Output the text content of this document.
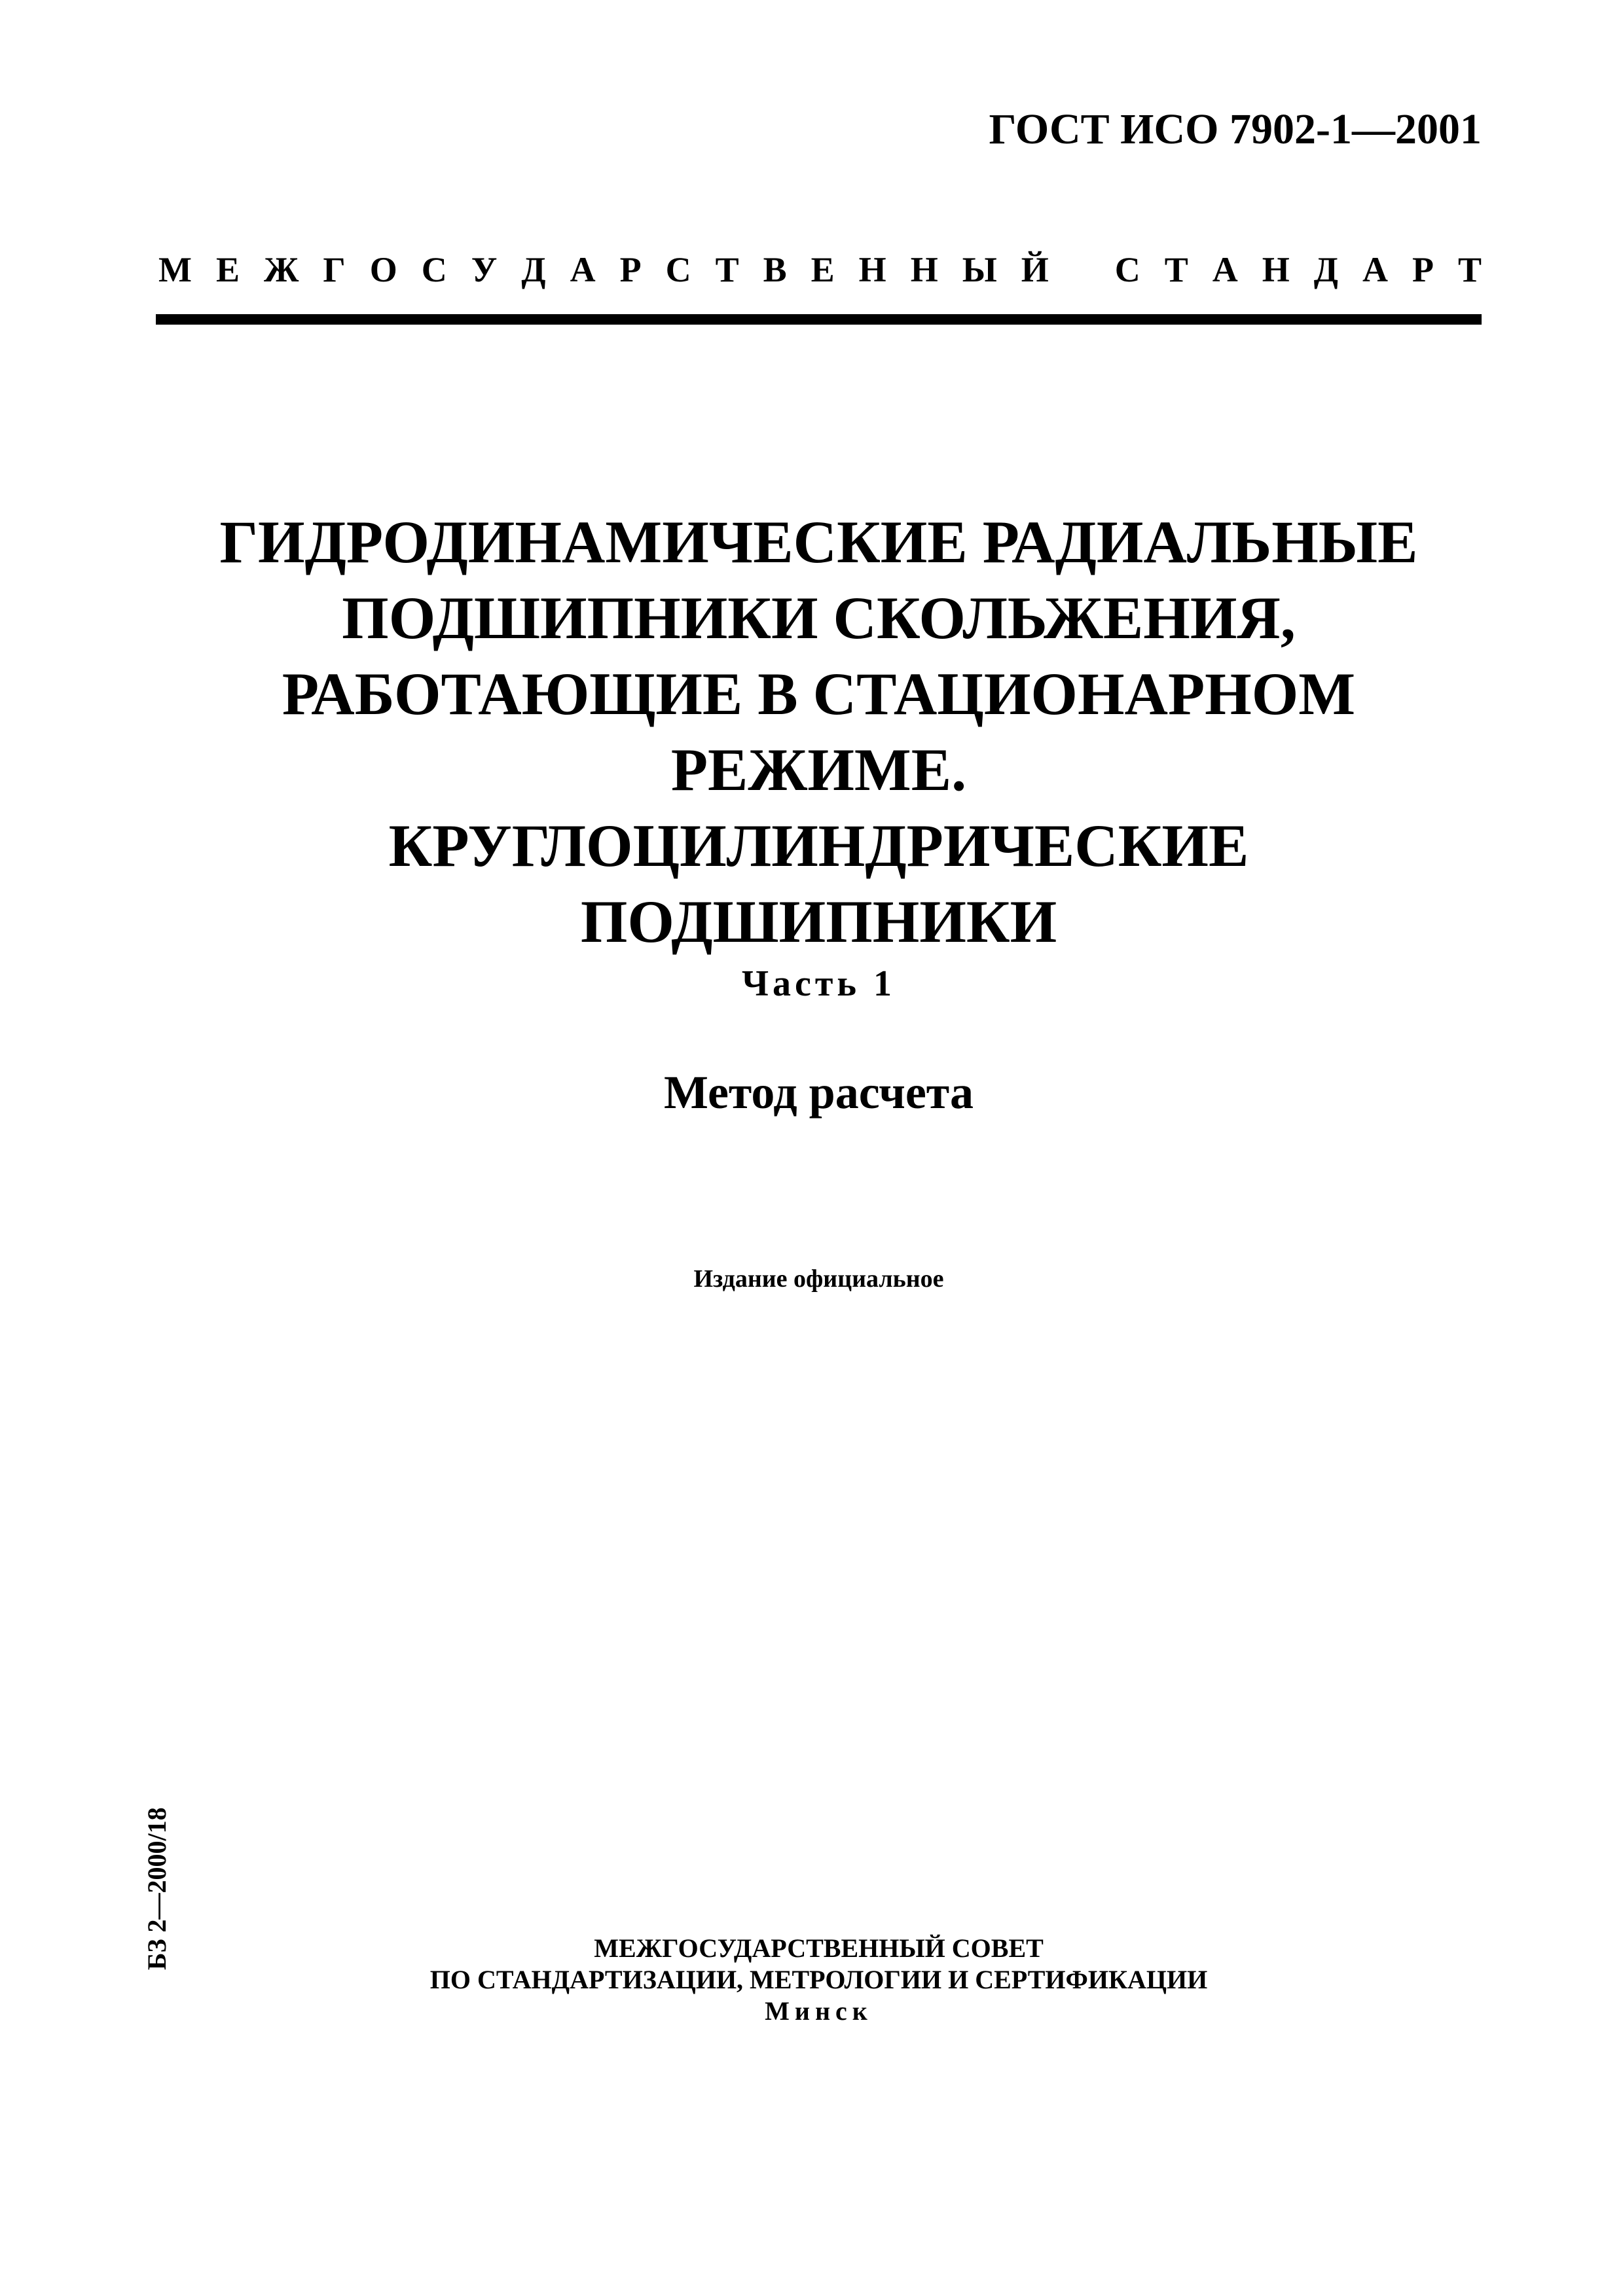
ГОСТ ИСО 7902-1—2001
М Е Ж Г О С У Д А Р С Т В Е Н Н Ы Й
С Т А Н Д А Р Т
ГИДРОДИНАМИЧЕСКИЕ РАДИАЛЬНЫЕ
ПОДШИПНИКИ СКОЛЬЖЕНИЯ,
РАБОТАЮЩИЕ В СТАЦИОНАРНОМ
РЕЖИМЕ.
КРУГЛОЦИЛИНДРИЧЕСКИЕ
ПОДШИПНИКИ
Часть 1
Метод расчета
Издание официальное
БЗ 2—2000/18	МЕЖГОСУДАРСТВЕННЫЙ СОВЕТ
ПО СТАНДАРТИЗАЦИИ, МЕТРОЛОГИИ И СЕРТИФИКАЦИИ
Минск
